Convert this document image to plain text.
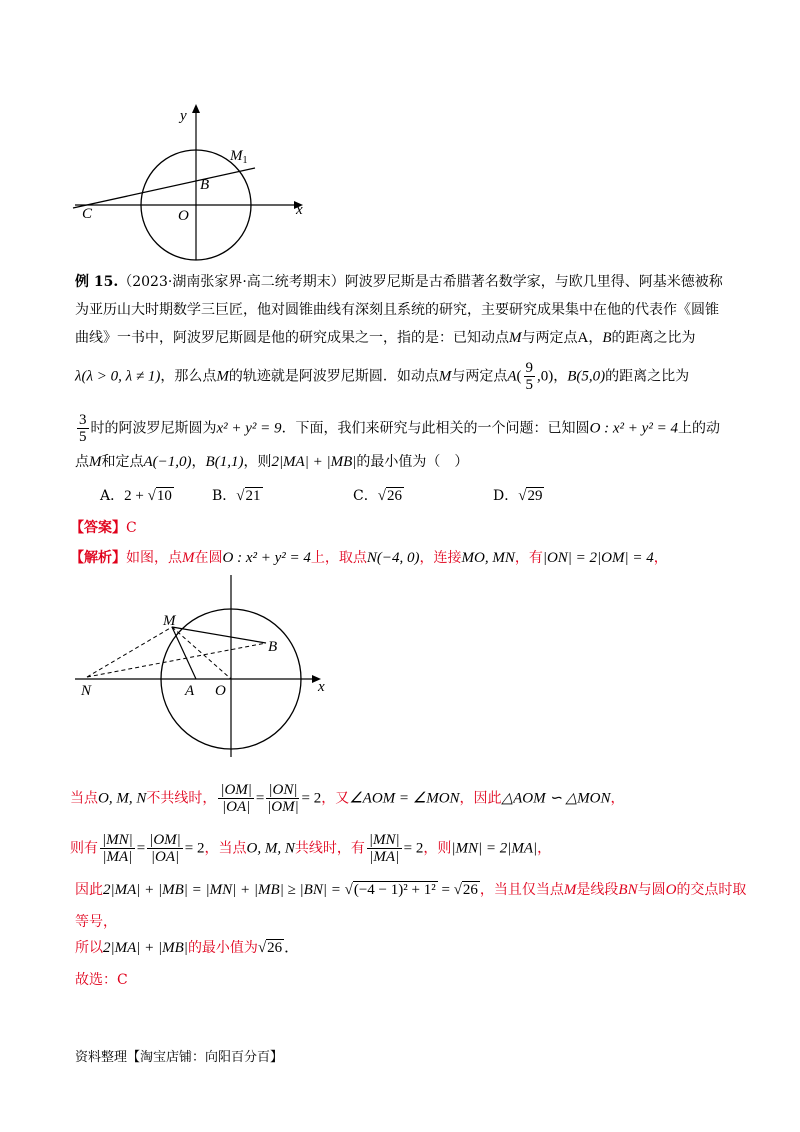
y
x
$M_1$
B
C	O
例 15.（2023·湖南张家界·高二统考期末）阿波罗尼斯是古希腊著名数学家，与欧几里得、阿基米德被称
为亚历山大时期数学三巨匠，他对圆锥曲线有深刻且系统的研究，主要研究成果集中在他的代表作《圆锥
曲线》一书中，阿波罗尼斯圆是他的研究成果之一，指的是：已知动点M与两定点A，B的距离之比为
λ(λ > 0, λ ≠ 1)，那么点M的轨迹就是阿波罗尼斯圆．如动点M与两定点$A( \frac{9}{5} ,0)$，B(5,0)的距离之比为
$\frac{3}{5}$ 时的阿波罗尼斯圆为x² + y² = 9．下面，我们来研究与此相关的一个问题：已知圆O : x² + y² = 4上的动
点M和定点A(−1,0)，B(1,1)，则2|MA| + |MB|的最小值为（　）
A．2 + √10	B．√21	C．√26	D．√29
【答案】C
【解析】如图，点M在圆O : x² + y² = 4上，取点N(−4, 0)，连接MO, MN，有|ON| = 2|OM| = 4，
M
B
N	A O	x
当点O, M, N不共线时， $\frac{|OM|}{|OA|} = \frac{|ON|}{|OM|} = 2$，又∠AOM = ∠MON，因此△AOM ∽ △MON，
则有 $\frac{|MN|}{|MA|} = \frac{|OM|}{|OA|} = 2$，当点O, M, N共线时，有 $\frac{|MN|}{|MA|} = 2$，则|MN| = 2|MA|，
因此2|MA| + |MB| = |MN| + |MB| ≥ |BN| = √(−4 − 1)² + 1² = √26 ，当且仅当点M是线段BN与圆O的交点时取
等号，
所以2|MA| + |MB|的最小值为√26 ．
故选：C
资料整理【淘宝店铺：向阳百分百】
